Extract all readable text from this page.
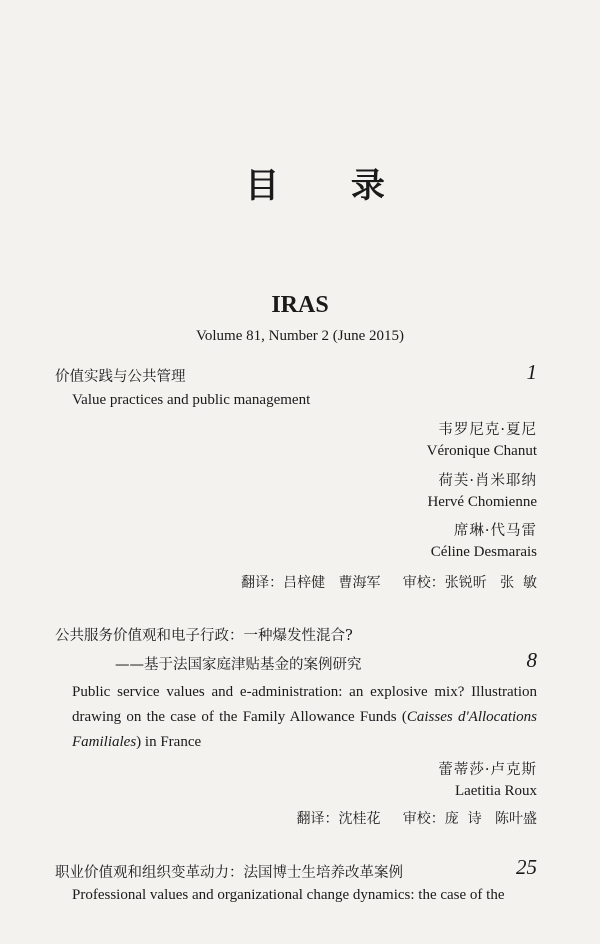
目 录
IRAS
Volume 81, Number 2 (June 2015)
价值实践与公共管理	1
Value practices and public management
韦罗尼克·夏尼
Véronique Chanut
荷芙·肖米耶纳
Hervé Chomienne
席琳·代马雷
Céline Desmarais
翻译：吕梓健   曹海军     审校：张锐昕   张  敏
公共服务价值观和电子行政：一种爆发性混合?
——基于法国家庭津贴基金的案例研究	8
Public service values and e-administration: an explosive mix? Illustration drawing on the case of the Family Allowance Funds (Caisses d'Allocations Familiales) in France
蕾蒂莎·卢克斯
Laetitia Roux
翻译：沈桂花     审校：庞  诗   陈叶盛
职业价值观和组织变革动力：法国博士生培养改革案例	25
Professional values and organizational change dynamics: the case of the
